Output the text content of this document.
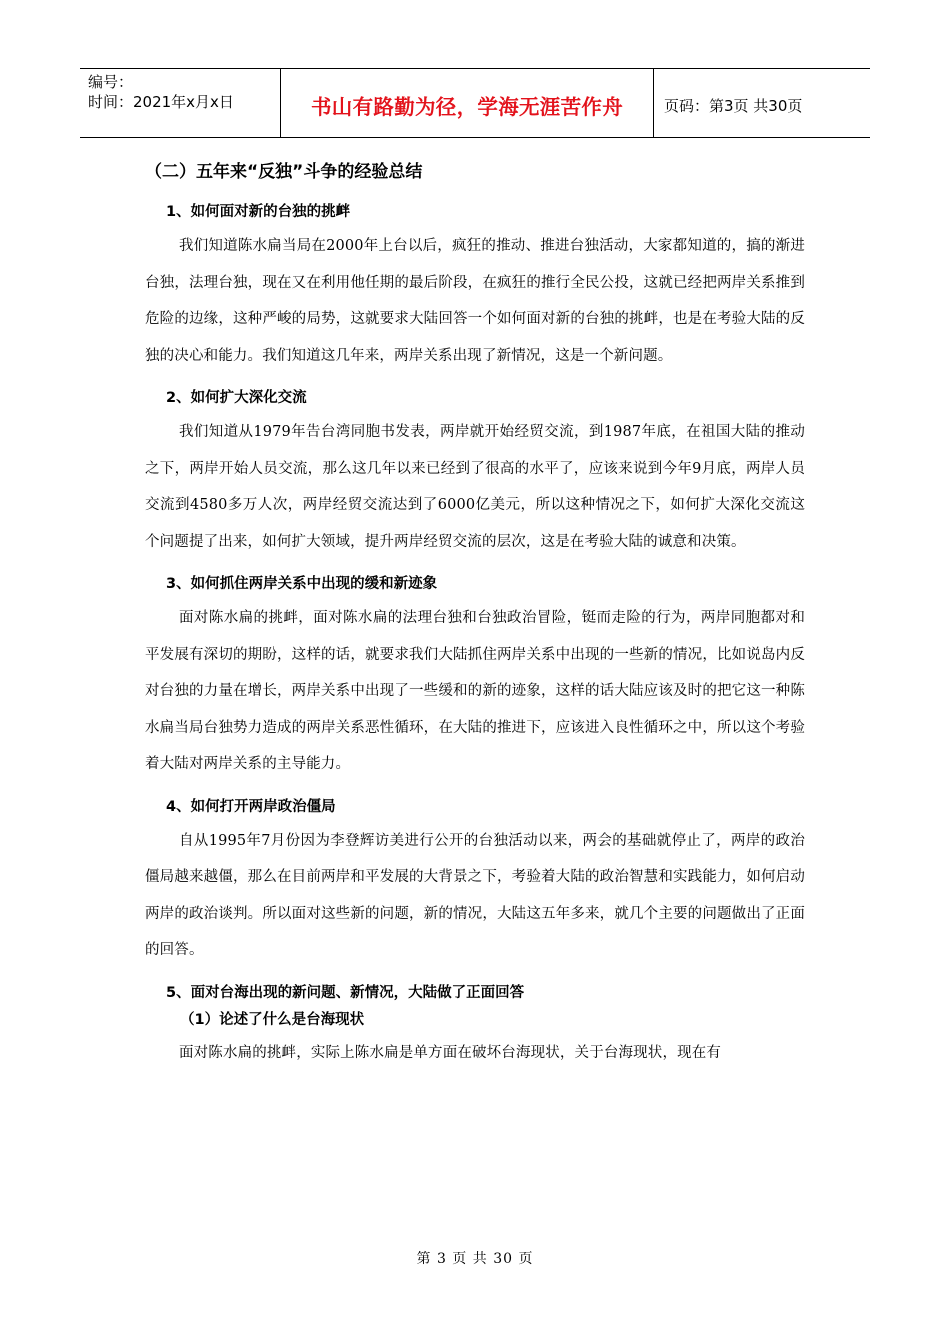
编号：
时间：2021年x月x日	书山有路勤为径，学海无涯苦作舟	页码：第3页 共30页
（二）五年来“反独”斗争的经验总结
1、如何面对新的台独的挑衅
我们知道陈水扁当局在2000年上台以后，疯狂的推动、推进台独活动，大家都知道的，搞的渐进台独，法理台独，现在又在利用他任期的最后阶段，在疯狂的推行全民公投，这就已经把两岸关系推到危险的边缘，这种严峻的局势，这就要求大陆回答一个如何面对新的台独的挑衅，也是在考验大陆的反独的决心和能力。我们知道这几年来，两岸关系出现了新情况，这是一个新问题。
2、如何扩大深化交流
我们知道从1979年告台湾同胞书发表，两岸就开始经贸交流，到1987年底，在祖国大陆的推动之下，两岸开始人员交流，那么这几年以来已经到了很高的水平了，应该来说到今年9月底，两岸人员交流到4580多万人次，两岸经贸交流达到了6000亿美元，所以这种情况之下，如何扩大深化交流这个问题提了出来，如何扩大领域，提升两岸经贸交流的层次，这是在考验大陆的诚意和决策。
3、如何抓住两岸关系中出现的缓和新迹象
面对陈水扁的挑衅，面对陈水扁的法理台独和台独政治冒险，铤而走险的行为，两岸同胞都对和平发展有深切的期盼，这样的话，就要求我们大陆抓住两岸关系中出现的一些新的情况，比如说岛内反对台独的力量在增长，两岸关系中出现了一些缓和的新的迹象，这样的话大陆应该及时的把它这一种陈水扁当局台独势力造成的两岸关系恶性循环，在大陆的推进下，应该进入良性循环之中，所以这个考验着大陆对两岸关系的主导能力。
4、如何打开两岸政治僵局
自从1995年7月份因为李登辉访美进行公开的台独活动以来，两会的基础就停止了，两岸的政治僵局越来越僵，那么在目前两岸和平发展的大背景之下，考验着大陆的政治智慧和实践能力，如何启动两岸的政治谈判。所以面对这些新的问题，新的情况，大陆这五年多来，就几个主要的问题做出了正面的回答。
5、面对台海出现的新问题、新情况，大陆做了正面回答
（1）论述了什么是台海现状
面对陈水扁的挑衅，实际上陈水扁是单方面在破坏台海现状，关于台海现状，现在有
第 3 页 共 30 页
